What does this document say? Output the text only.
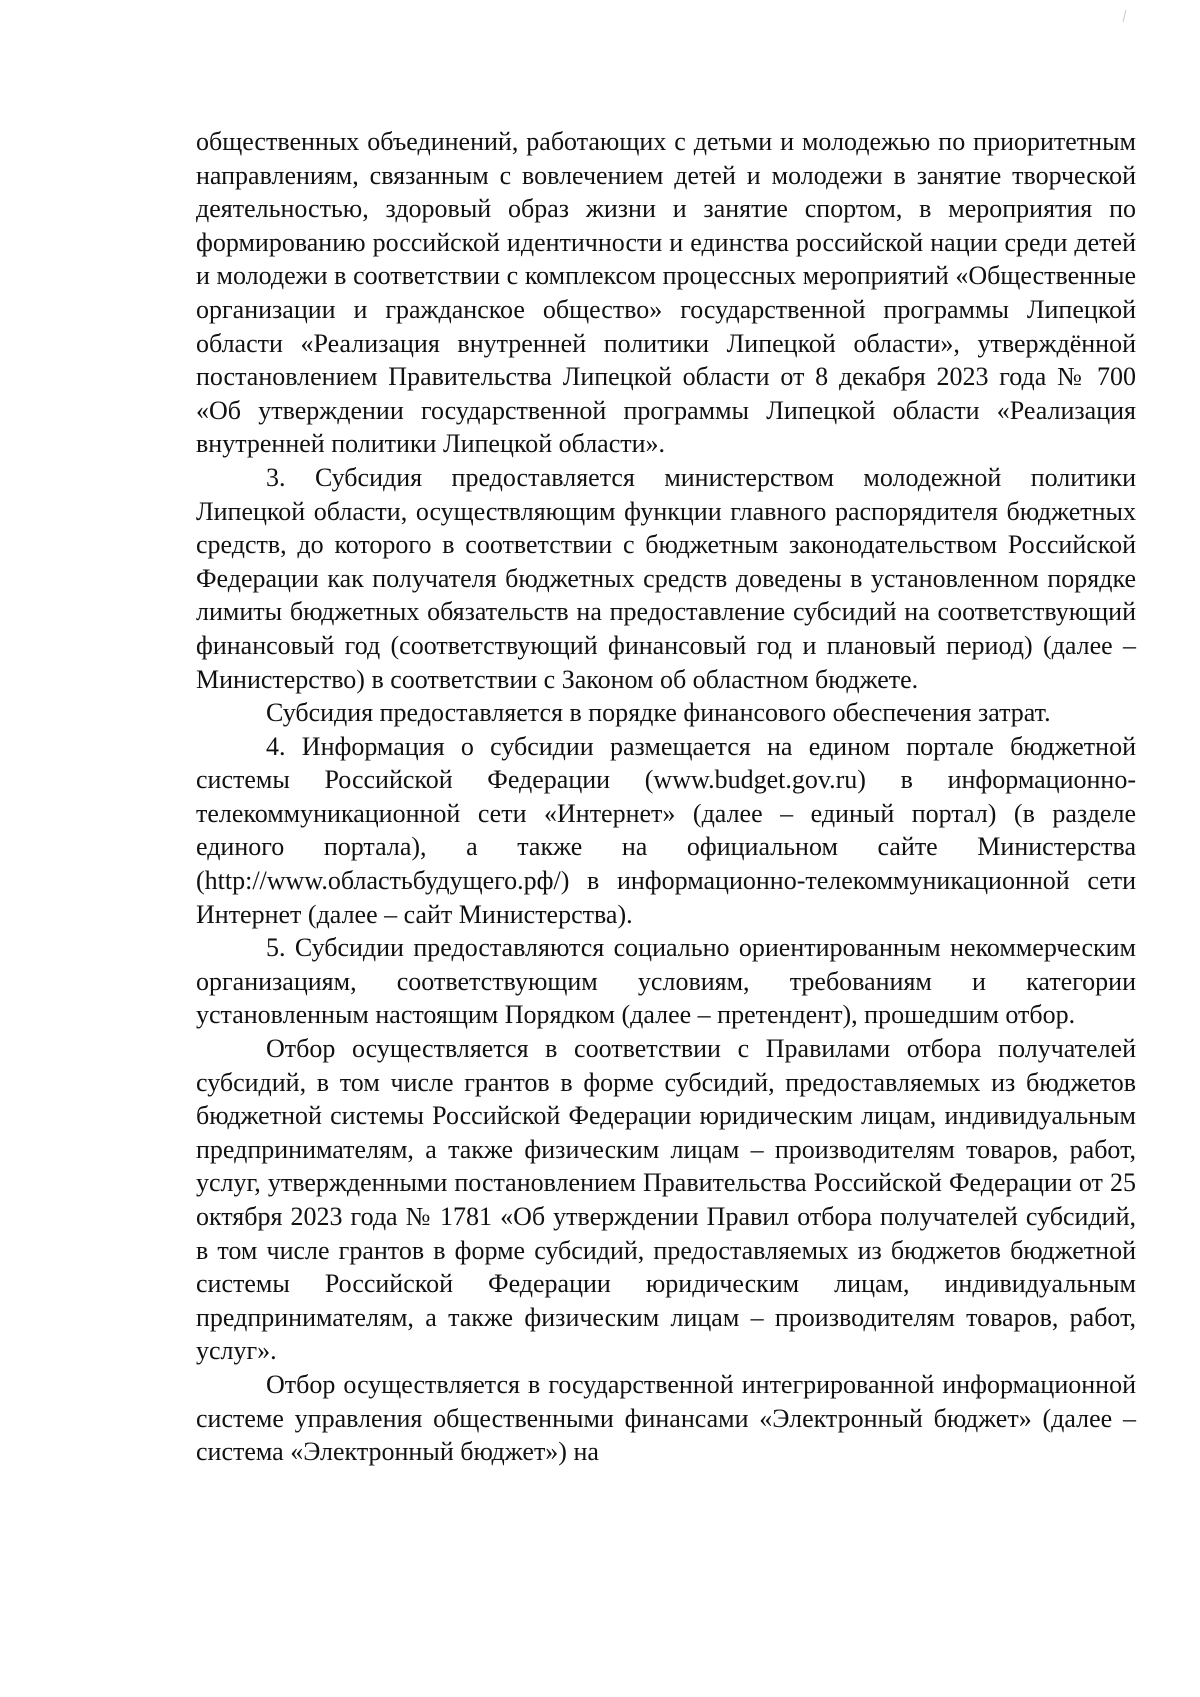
общественных объединений, работающих с детьми и молодежью по приоритетным направлениям, связанным с вовлечением детей и молодежи в занятие творческой деятельностью, здоровый образ жизни и занятие спортом, в мероприятия по формированию российской идентичности и единства российской нации среди детей и молодежи в соответствии с комплексом процессных мероприятий «Общественные организации и гражданское общество» государственной программы Липецкой области «Реализация внутренней политики Липецкой области», утверждённой постановлением Правительства Липецкой области от 8 декабря 2023 года № 700 «Об утверждении государственной программы Липецкой области «Реализация внутренней политики Липецкой области».

3. Субсидия предоставляется министерством молодежной политики Липецкой области, осуществляющим функции главного распорядителя бюджетных средств, до которого в соответствии с бюджетным законодательством Российской Федерации как получателя бюджетных средств доведены в установленном порядке лимиты бюджетных обязательств на предоставление субсидий на соответствующий финансовый год (соответствующий финансовый год и плановый период) (далее – Министерство) в соответствии с Законом об областном бюджете.

Субсидия предоставляется в порядке финансового обеспечения затрат.

4. Информация о субсидии размещается на едином портале бюджетной системы Российской Федерации (www.budget.gov.ru) в информационно-телекоммуникационной сети «Интернет» (далее – единый портал) (в разделе единого портала), а также на официальном сайте Министерства (http://www.областьбудущего.рф/) в информационно-телекоммуникационной сети Интернет (далее – сайт Министерства).

5. Субсидии предоставляются социально ориентированным некоммерческим организациям, соответствующим условиям, требованиям и категории установленным настоящим Порядком (далее – претендент), прошедшим отбор.

Отбор осуществляется в соответствии с Правилами отбора получателей субсидий, в том числе грантов в форме субсидий, предоставляемых из бюджетов бюджетной системы Российской Федерации юридическим лицам, индивидуальным предпринимателям, а также физическим лицам – производителям товаров, работ, услуг, утвержденными постановлением Правительства Российской Федерации от 25 октября 2023 года № 1781 «Об утверждении Правил отбора получателей субсидий, в том числе грантов в форме субсидий, предоставляемых из бюджетов бюджетной системы Российской Федерации юридическим лицам, индивидуальным предпринимателям, а также физическим лицам – производителям товаров, работ, услуг».

Отбор осуществляется в государственной интегрированной информационной системе управления общественными финансами «Электронный бюджет» (далее – система «Электронный бюджет») на
